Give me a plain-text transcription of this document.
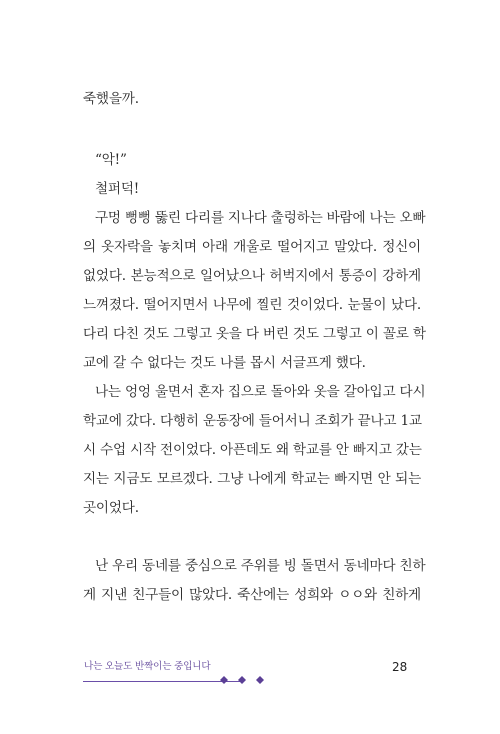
죽했을까.
“악!”
철퍼덕!
구멍 뻥뻥 뚫린 다리를 지나다 출렁하는 바람에 나는 오빠
의 옷자락을 놓치며 아래 개울로 떨어지고 말았다. 정신이
없었다. 본능적으로 일어났으나 허벅지에서 통증이 강하게
느껴졌다. 떨어지면서 나무에 찔린 것이었다. 눈물이 났다.
다리 다친 것도 그렇고 옷을 다 버린 것도 그렇고 이 꼴로 학
교에 갈 수 없다는 것도 나를 몹시 서글프게 했다.
나는 엉엉 울면서 혼자 집으로 돌아와 옷을 갈아입고 다시
학교에 갔다. 다행히 운동장에 들어서니 조회가 끝나고 1교
시 수업 시작 전이었다. 아픈데도 왜 학교를 안 빠지고 갔는
지는 지금도 모르겠다. 그냥 나에게 학교는 빠지면 안 되는
곳이었다.
난 우리 동네를 중심으로 주위를 빙 돌면서 동네마다 친하
게 지낸 친구들이 많았다. 죽산에는 성희와 ㅇㅇ와 친하게
나는 오늘도 반짝이는 중입니다	28
